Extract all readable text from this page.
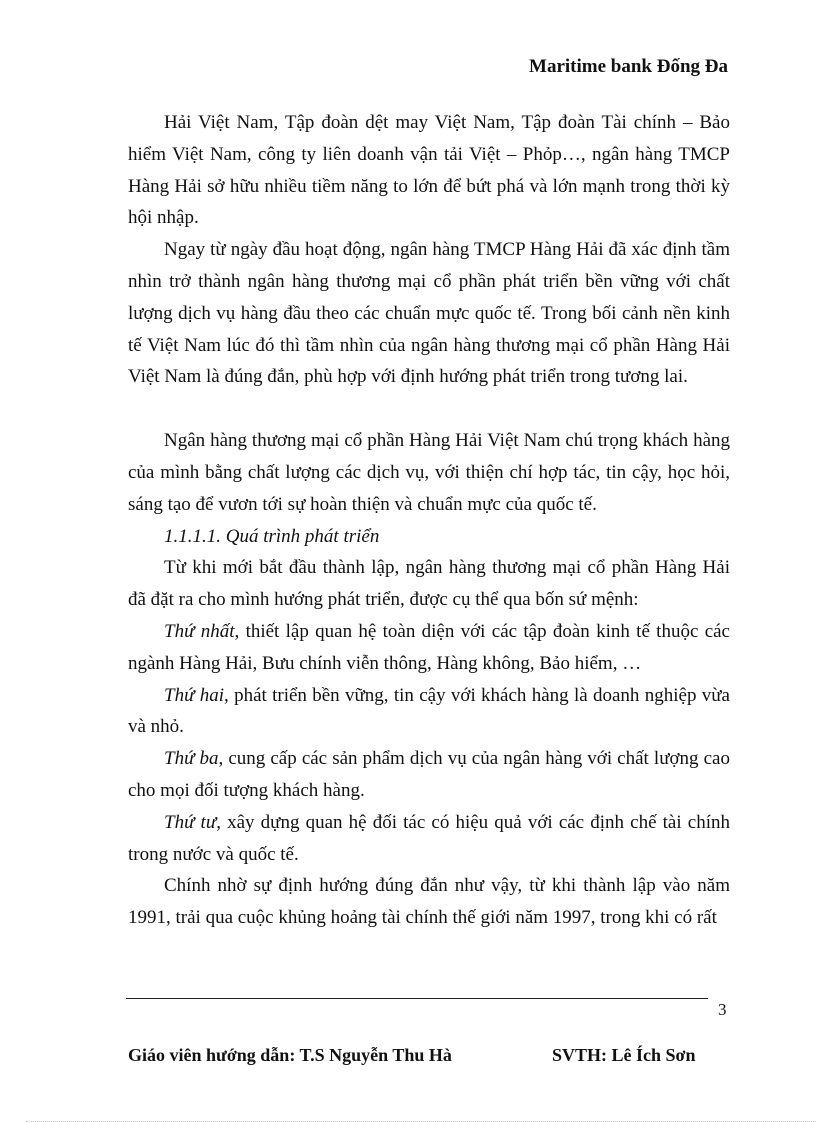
Maritime bank Đống Đa

Hải Việt Nam, Tập đoàn dệt may Việt Nam, Tập đoàn Tài chính – Bảo hiểm Việt Nam, công ty liên doanh vận tải Việt – Phỏp…, ngân hàng TMCP Hàng Hải sở hữu nhiều tiềm năng to lớn để bứt phá và lớn mạnh trong thời kỳ hội nhập.

Ngay từ ngày đầu hoạt động, ngân hàng TMCP Hàng Hải đã xác định tầm nhìn trở thành ngân hàng thương mại cổ phần phát triển bền vững với chất lượng dịch vụ hàng đầu theo các chuẩn mực quốc tế. Trong bối cảnh nền kinh tế Việt Nam lúc đó thì tầm nhìn của ngân hàng thương mại cổ phần Hàng Hải Việt Nam là đúng đắn, phù hợp với định hướng phát triển trong tương lai.

Ngân hàng thương mại cổ phần Hàng Hải Việt Nam chú trọng khách hàng của mình bằng chất lượng các dịch vụ, với thiện chí hợp tác, tin cậy, học hỏi, sáng tạo để vươn tới sự hoàn thiện và chuẩn mực của quốc tế.

1.1.1.1. Quá trình phát triển

Từ khi mới bắt đầu thành lập, ngân hàng thương mại cổ phần Hàng Hải đã đặt ra cho mình hướng phát triển, được cụ thể qua bốn sứ mệnh:

Thứ nhất, thiết lập quan hệ toàn diện với các tập đoàn kinh tế thuộc các ngành Hàng Hải, Bưu chính viễn thông, Hàng không, Bảo hiểm, …

Thứ hai, phát triển bền vững, tin cậy với khách hàng là doanh nghiệp vừa và nhỏ.

Thứ ba, cung cấp các sản phẩm dịch vụ của ngân hàng với chất lượng cao cho mọi đối tượng khách hàng.

Thứ tư, xây dựng quan hệ đối tác có hiệu quả với các định chế tài chính trong nước và quốc tế.

Chính nhờ sự định hướng đúng đắn như vậy, từ khi thành lập vào năm 1991, trải qua cuộc khủng hoảng tài chính thế giới năm 1997, trong khi có rất

3
Giáo viên hướng dẫn: T.S Nguyễn Thu Hà	SVTH: Lê Ích Sơn
